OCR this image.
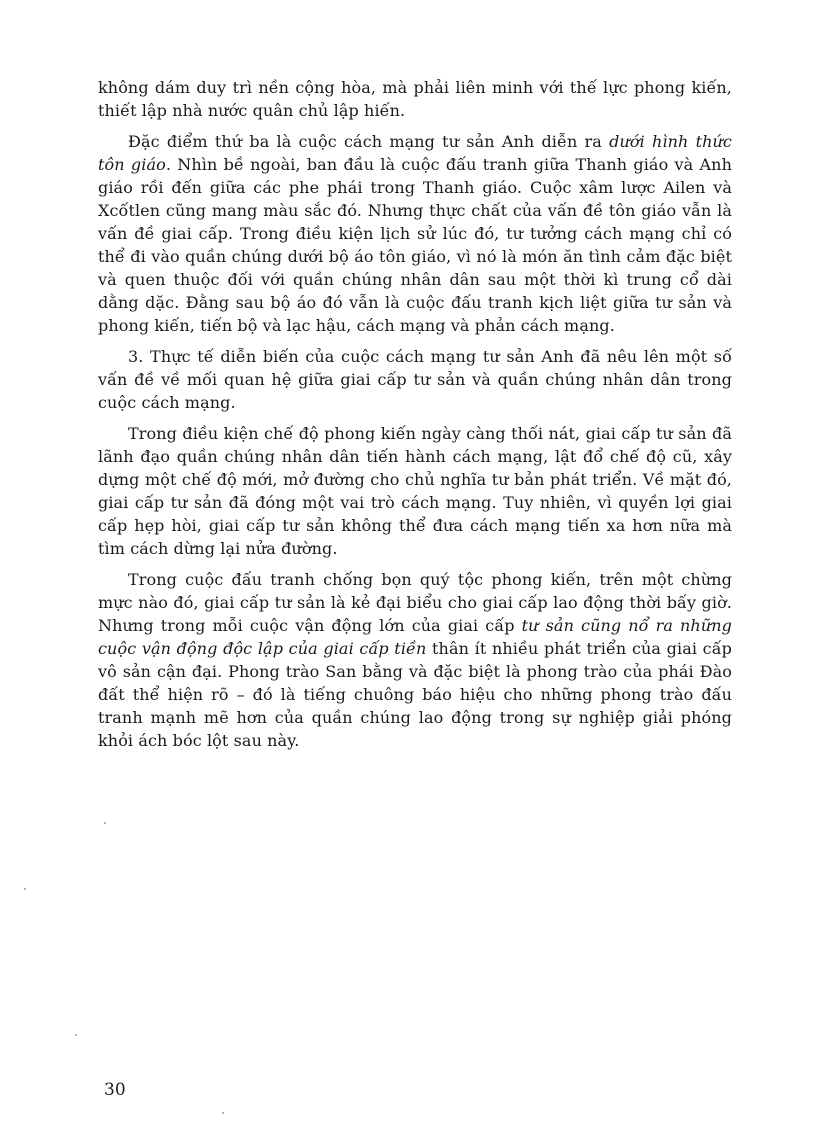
không dám duy trì nền cộng hòa, mà phải liên minh với thế lực phong kiến, thiết lập nhà nước quân chủ lập hiến.

Đặc điểm thứ ba là cuộc cách mạng tư sản Anh diễn ra dưới hình thức tôn giáo. Nhìn bề ngoài, ban đầu là cuộc đấu tranh giữa Thanh giáo và Anh giáo rồi đến giữa các phe phái trong Thanh giáo. Cuộc xâm lược Ailen và Xcốtlen cũng mang màu sắc đó. Nhưng thực chất của vấn đề tôn giáo vẫn là vấn đề giai cấp. Trong điều kiện lịch sử lúc đó, tư tưởng cách mạng chỉ có thể đi vào quần chúng dưới bộ áo tôn giáo, vì nó là món ăn tình cảm đặc biệt và quen thuộc đối với quần chúng nhân dân sau một thời kì trung cổ dài dằng dặc. Đằng sau bộ áo đó vẫn là cuộc đấu tranh kịch liệt giữa tư sản và phong kiến, tiến bộ và lạc hậu, cách mạng và phản cách mạng.

3. Thực tế diễn biến của cuộc cách mạng tư sản Anh đã nêu lên một số vấn đề về mối quan hệ giữa giai cấp tư sản và quần chúng nhân dân trong cuộc cách mạng.

Trong điều kiện chế độ phong kiến ngày càng thối nát, giai cấp tư sản đã lãnh đạo quần chúng nhân dân tiến hành cách mạng, lật đổ chế độ cũ, xây dựng một chế độ mới, mở đường cho chủ nghĩa tư bản phát triển. Về mặt đó, giai cấp tư sản đã đóng một vai trò cách mạng. Tuy nhiên, vì quyền lợi giai cấp hẹp hòi, giai cấp tư sản không thể đưa cách mạng tiến xa hơn nữa mà tìm cách dừng lại nửa đường.

Trong cuộc đấu tranh chống bọn quý tộc phong kiến, trên một chừng mực nào đó, giai cấp tư sản là kẻ đại biểu cho giai cấp lao động thời bấy giờ. Nhưng trong mỗi cuộc vận động lớn của giai cấp tư sản cũng nổ ra những cuộc vận động độc lập của giai cấp tiền thân ít nhiều phát triển của giai cấp vô sản cận đại. Phong trào San bằng và đặc biệt là phong trào của phái Đào đất thể hiện rõ – đó là tiếng chuông báo hiệu cho những phong trào đấu tranh mạnh mẽ hơn của quần chúng lao động trong sự nghiệp giải phóng khỏi ách bóc lột sau này.

30
